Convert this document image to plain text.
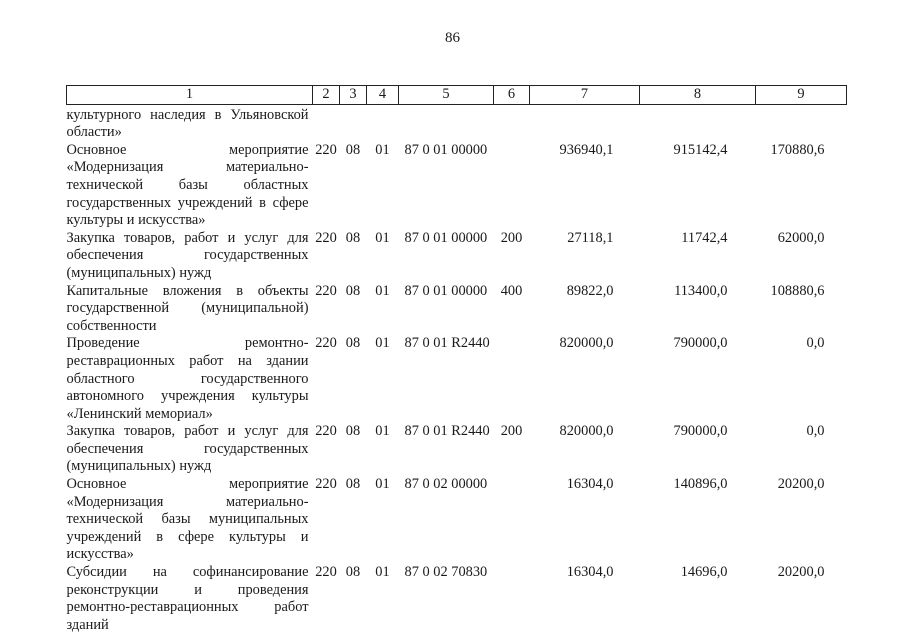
86
1	2	3	4	5	6	7	8	9
культурного наследия в Ульяновской области»								
Основное мероприятие «Модернизация материально-технической базы областных государственных учреждений в сфере культуры и искусства»	220	08	01	87 0 01 00000		936940,1	915142,4	170880,6
Закупка товаров, работ и услуг для обеспечения государственных (муниципальных) нужд	220	08	01	87 0 01 00000	200	27118,1	11742,4	62000,0
Капитальные вложения в объекты государственной (муниципальной) собственности	220	08	01	87 0 01 00000	400	89822,0	113400,0	108880,6
Проведение ремонтно-реставрационных работ на здании областного государственного автономного учреждения культуры «Ленинский мемориал»	220	08	01	87 0 01 R2440		820000,0	790000,0	0,0
Закупка товаров, работ и услуг для обеспечения государственных (муниципальных) нужд	220	08	01	87 0 01 R2440	200	820000,0	790000,0	0,0
Основное мероприятие «Модернизация материально-технической базы муниципальных учреждений в сфере культуры и искусства»	220	08	01	87 0 02 00000		16304,0	140896,0	20200,0
Субсидии на софинансирование реконструкции и проведения ремонтно-реставрационных работ зданий	220	08	01	87 0 02 70830		16304,0	14696,0	20200,0
